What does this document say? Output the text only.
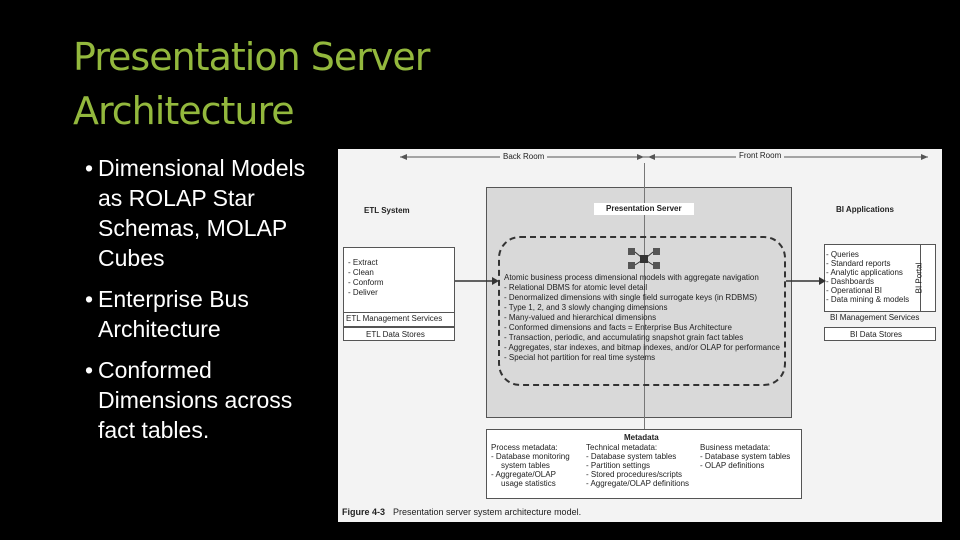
Presentation Server
Architecture
• Dimensional Models as ROLAP Star Schemas, MOLAP Cubes
• Enterprise Bus Architecture
• Conformed Dimensions across fact tables.
Back Room	Front Room
Presentation Server
Atomic business process dimensional models with aggregate navigation
- Relational DBMS for atomic level detail
- Denormalized dimensions with single field surrogate keys (in RDBMS)
- Type 1, 2, and 3 slowly changing dimensions
- Many-valued and hierarchical dimensions
- Conformed dimensions and facts = Enterprise Bus Architecture
- Transaction, periodic, and accumulating snapshot grain fact tables
- Aggregates, star indexes, and bitmap indexes, and/or OLAP for performance
- Special hot partition for real time systems
ETL System
- Extract
- Clean
- Conform
- Deliver
ETL Management Services
ETL Data Stores
BI Applications
- Queries
- Standard reports
- Analytic applications
- Dashboards
- Operational BI
- Data mining & models
BI Portal
BI Management Services
BI Data Stores
Metadata
Process metadata:
- Database monitoring
system tables
- Aggregate/OLAP
usage statistics
Technical metadata:
- Database system tables
- Partition settings
- Stored procedures/scripts
- Aggregate/OLAP definitions
Business metadata:
- Database system tables
- OLAP definitions
Figure 4-3 Presentation server system architecture model.
